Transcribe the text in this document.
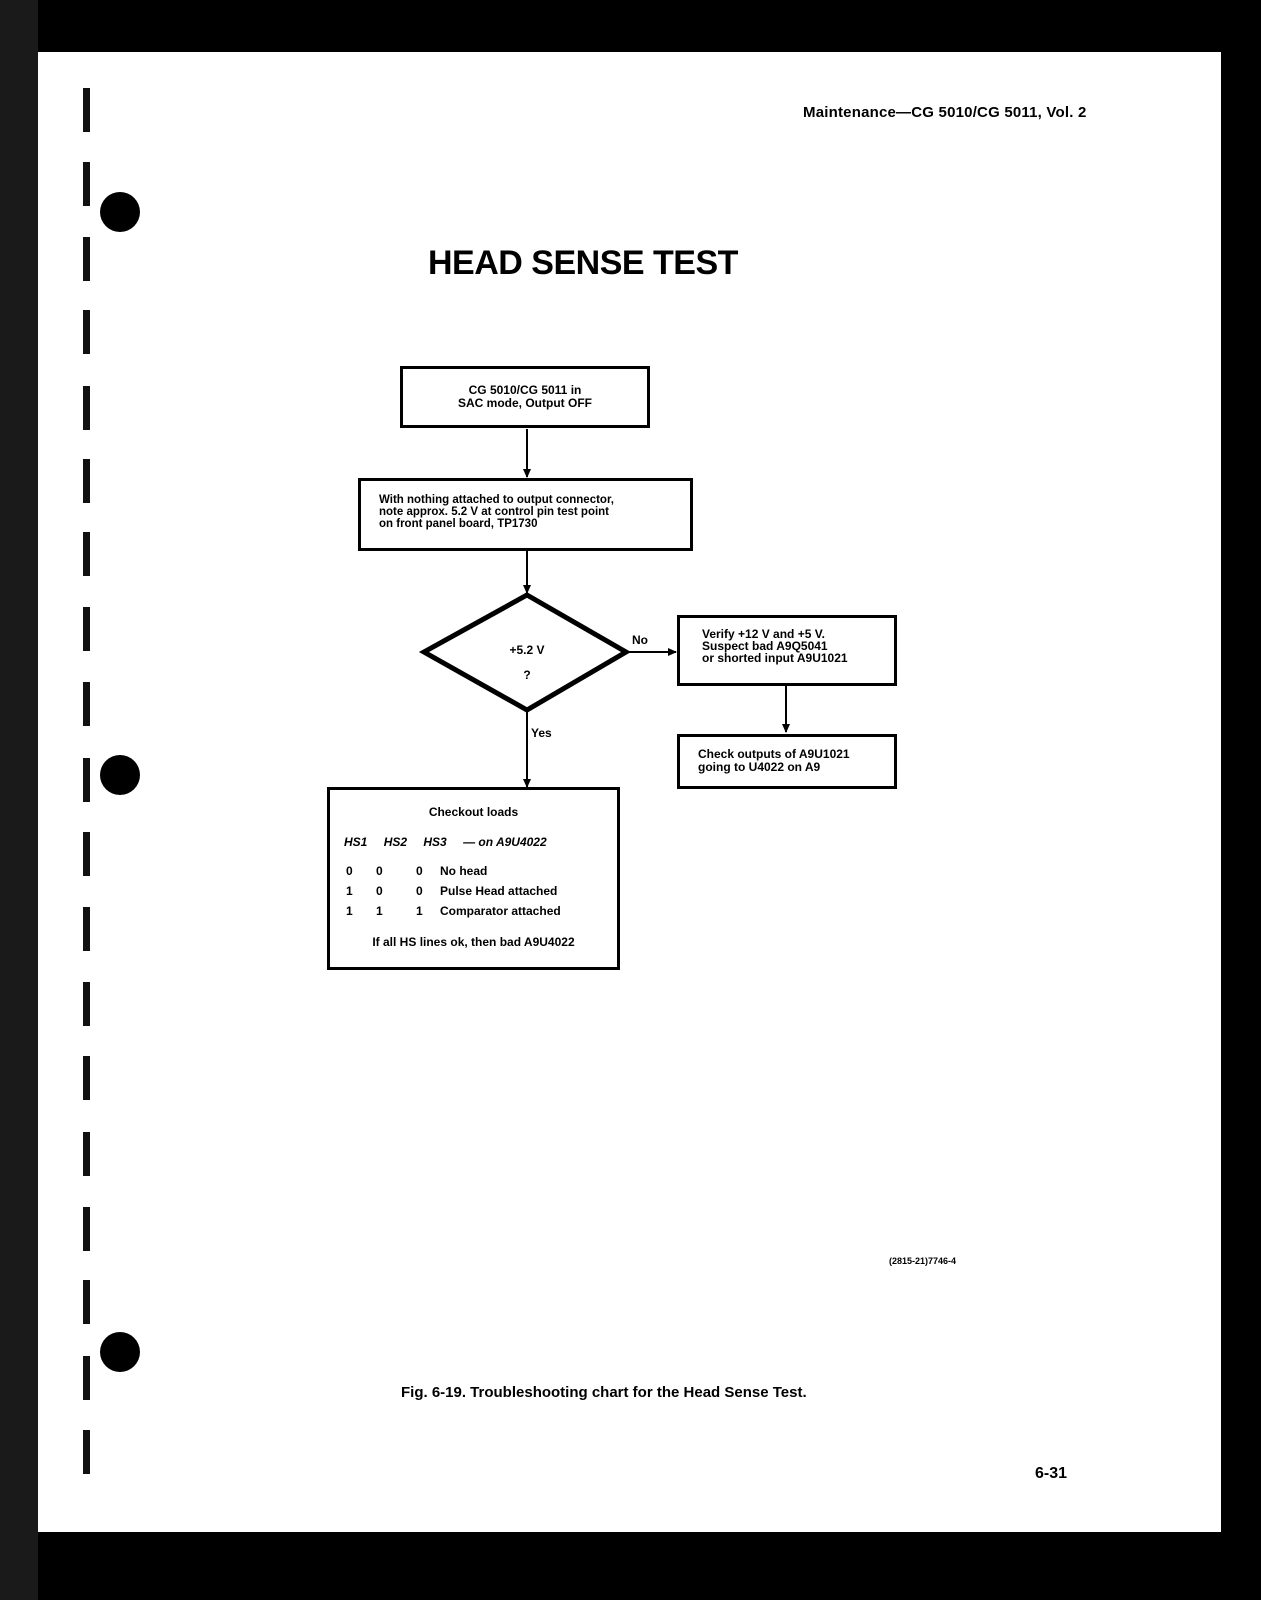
Maintenance—CG 5010/CG 5011, Vol. 2
HEAD SENSE TEST
CG 5010/CG 5011 in
SAC mode, Output OFF
With nothing attached to output connector,
note approx. 5.2 V at control pin test point
on front panel board, TP1730
+5.2 V
?
No
Yes
Verify +12 V and +5 V.
Suspect bad A9Q5041
or shorted input A9U1021
Check outputs of A9U1021
going to U4022 on A9
Checkout loads
HS1 HS2 HS3 — on A9U4022
0 0	0 No head
1 0	0 Pulse Head attached
1 1	1 Comparator attached
If all HS lines ok, then bad A9U4022
(2815-21)7746-4
Fig. 6-19. Troubleshooting chart for the Head Sense Test.
6-31
